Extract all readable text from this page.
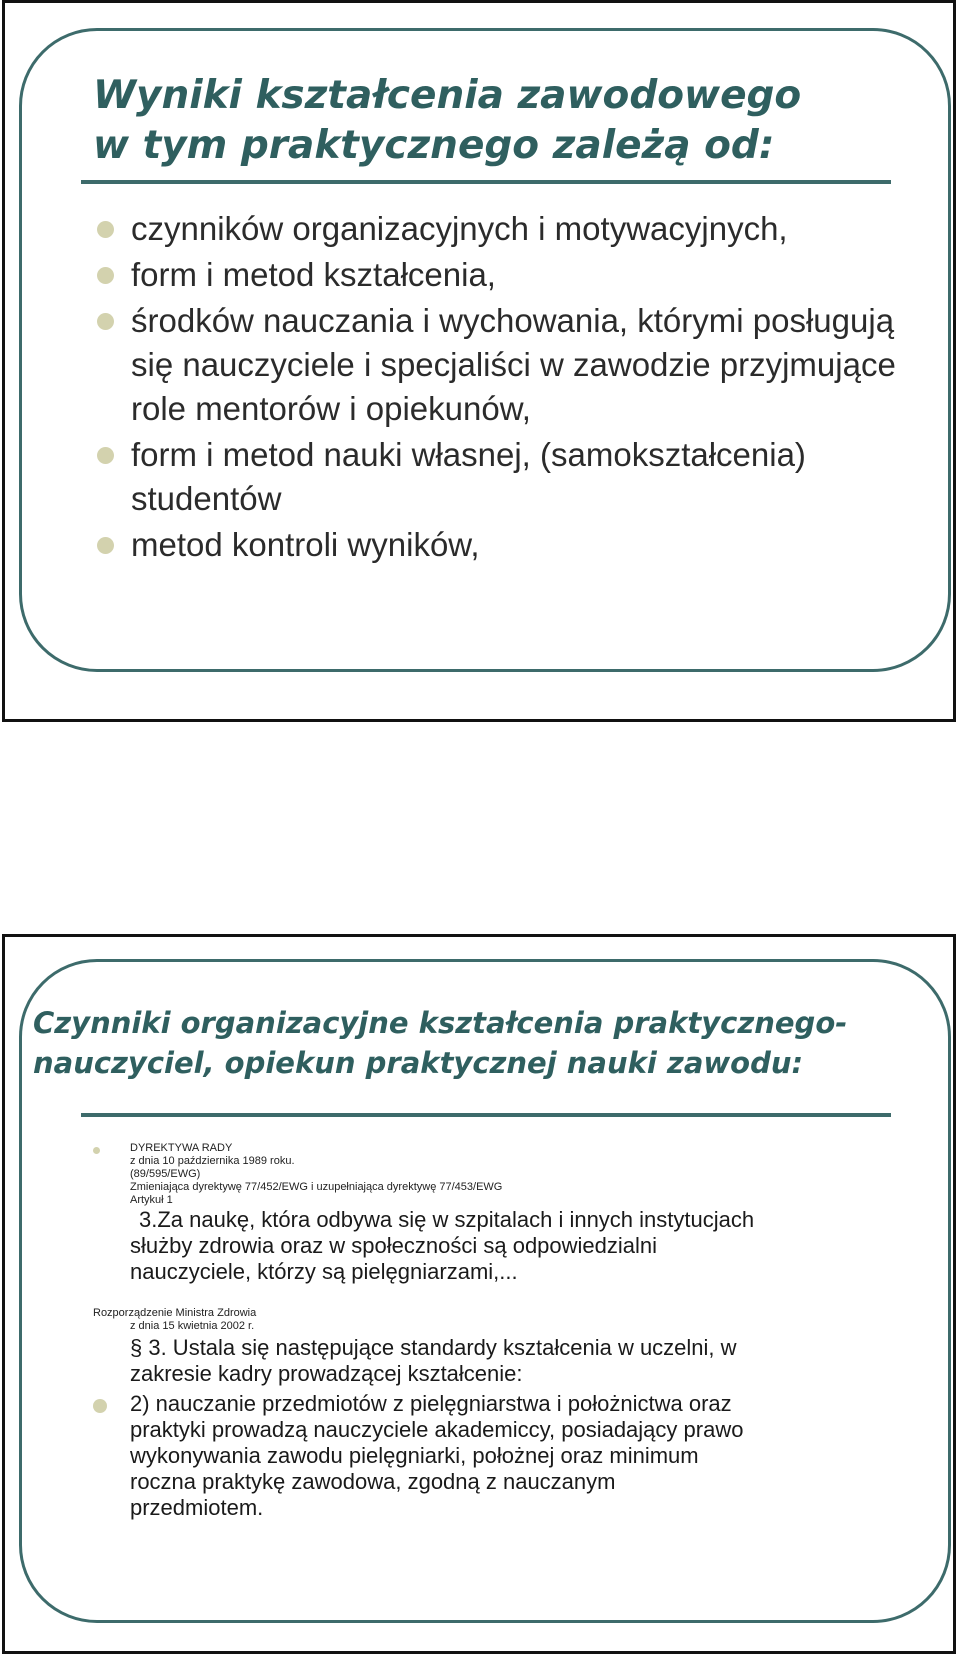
Wyniki kształcenia zawodowego
w tym praktycznego zależą od:
czynników organizacyjnych i motywacyjnych,
form i metod kształcenia,
środków nauczania i wychowania, którymi posługują się nauczyciele i specjaliści w zawodzie przyjmujące role mentorów i opiekunów,
form i metod nauki własnej, (samokształcenia) studentów
metod kontroli wyników,
Czynniki organizacyjne kształcenia praktycznego-
nauczyciel, opiekun praktycznej nauki zawodu:
DYREKTYWA RADY
z dnia 10 października 1989 roku.
(89/595/EWG)
Zmieniająca dyrektywę 77/452/EWG i uzupełniająca dyrektywę 77/453/EWG
Artykuł 1
3.Za naukę, która odbywa się w szpitalach i innych instytucjach
służby zdrowia oraz w społeczności są odpowiedzialni
nauczyciele, którzy są pielęgniarzami,...
Rozporządzenie Ministra Zdrowia
z dnia 15 kwietnia 2002 r.
§ 3. Ustala się następujące standardy kształcenia w uczelni, w
zakresie kadry prowadzącej kształcenie:
2) nauczanie przedmiotów z pielęgniarstwa i położnictwa oraz
praktyki prowadzą nauczyciele akademiccy, posiadający prawo
wykonywania zawodu pielęgniarki, położnej oraz minimum
roczna praktykę zawodowa, zgodną z nauczanym
przedmiotem.
